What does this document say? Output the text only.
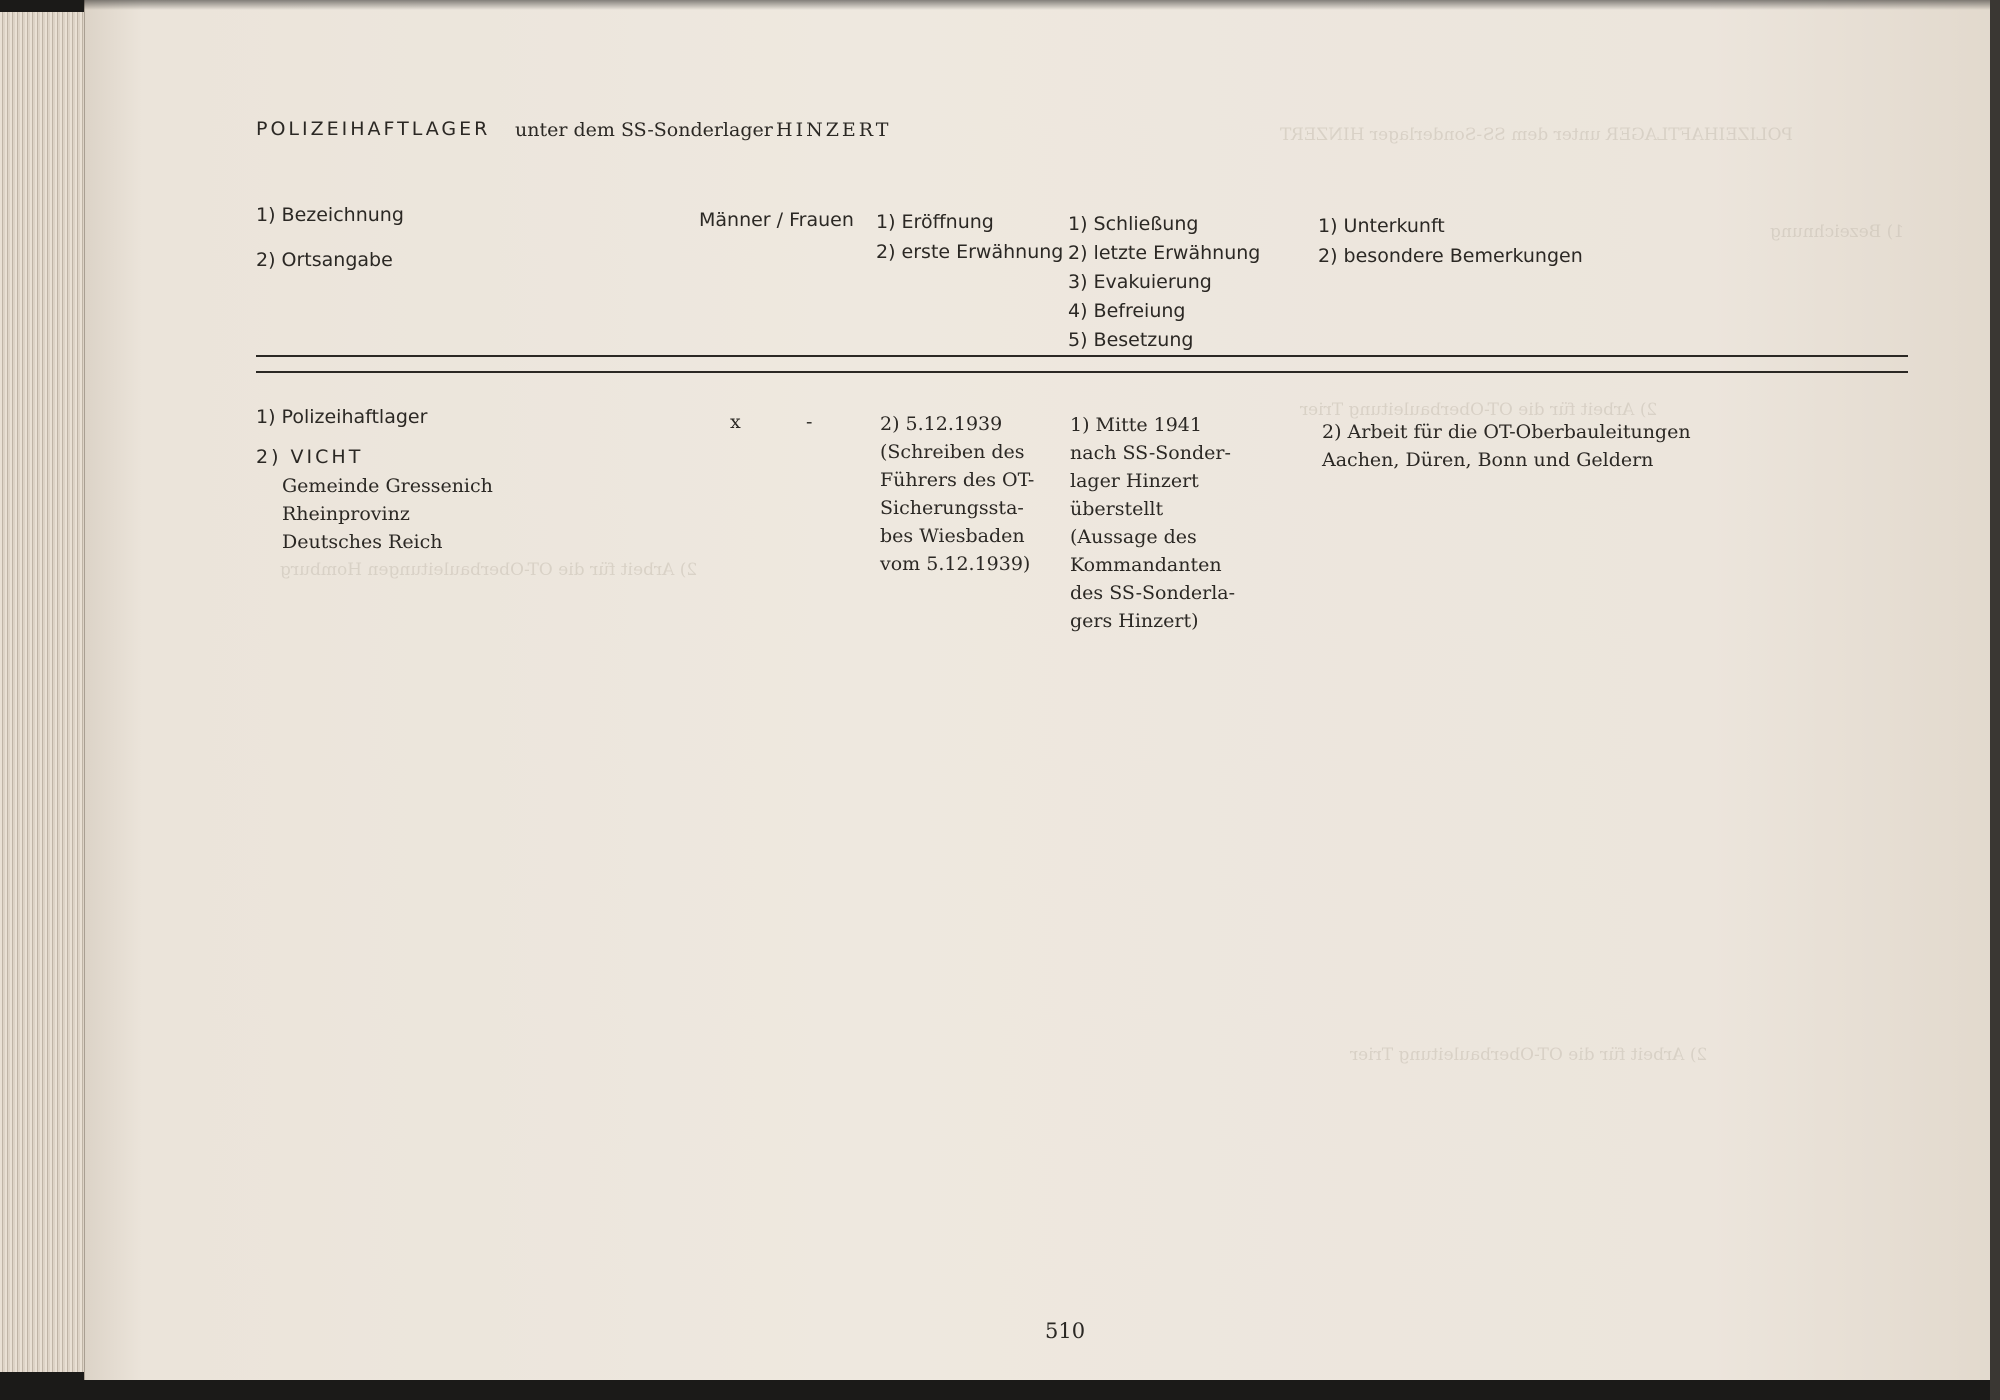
POLIZEIHAFTLAGER unter dem SS-Sonderlager HINZERT
1) Bezeichnung
2) Arbeit für die OT-Oberbauleitung Trier
2) Arbeit für die OT-Oberbauleitungen Homburg
2) Arbeit für die OT-Oberbauleitung Trier
POLIZEIHAFTLAGER unter dem SS-Sonderlager HINZERT
1) Bezeichnung
2) Ortsangabe
Männer / Frauen 1) Eröffnung
2) erste Erwähnung
1) Schließung
2) letzte Erwähnung
3) Evakuierung
4) Befreiung
5) Besetzung
1) Unterkunft
2) besondere Bemerkungen
1) Polizeihaftlager
2) VICHT
Gemeinde Gressenich
Rheinprovinz
Deutsches Reich
x	-	2) 5.12.1939
(Schreiben des
Führers des OT-
Sicherungssta-
bes Wiesbaden
vom 5.12.1939)
1) Mitte 1941
nach SS-Sonder-
lager Hinzert
überstellt
(Aussage des
Kommandanten
des SS-Sonderla-
gers Hinzert)
2) Arbeit für die OT-Oberbauleitungen
Aachen, Düren, Bonn und Geldern
510
